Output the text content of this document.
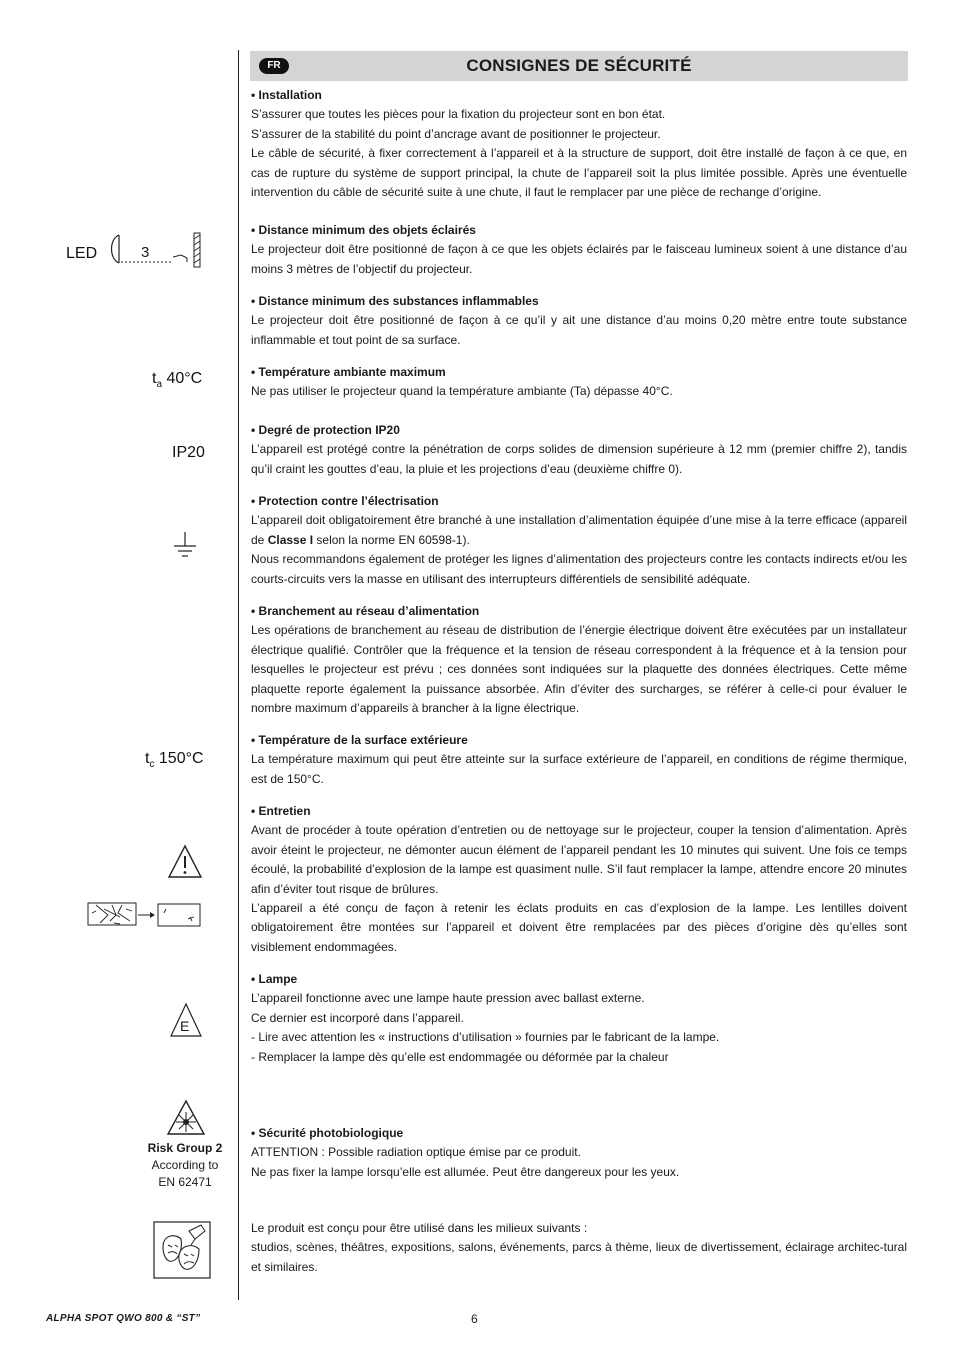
FR	CONSIGNES DE SÉCURITÉ
LED	3
$t_a$ 40°C
IP20
$t_c$ 150°C
E
Risk Group 2
According to
EN 62471
• Installation

S’assurer que toutes les pièces pour la fixation du projecteur sont en bon état.

S’assurer de la stabilité du point d’ancrage avant de positionner le projecteur.

Le câble de sécurité, à fixer correctement à l’appareil et à la structure de support, doit être installé de façon à ce que, en cas de rupture du système de support principal, la chute de l’appareil soit la plus limitée possible. Après une éventuelle intervention du câble de sécurité suite à une chute, il faut le remplacer par une pièce de rechange d’origine.

• Distance minimum des objets éclairés

Le projecteur doit être positionné de façon à ce que les objets éclairés par le faisceau lumineux soient à une distance d’au moins 3 mètres de l’objectif du projecteur.

• Distance minimum des substances inflammables

Le projecteur doit être positionné de façon à ce qu’il y ait une distance d’au moins 0,20 mètre entre toute substance inflammable et tout point de sa surface.

• Température ambiante maximum

Ne pas utiliser le projecteur quand la température ambiante (Ta) dépasse 40°C.

• Degré de protection IP20

L’appareil est protégé contre la pénétration de corps solides de dimension supérieure à 12 mm (premier chiffre 2), tandis qu’il craint les gouttes d’eau, la pluie et les projections d’eau (deuxième chiffre 0).

• Protection contre l’électrisation

L’appareil doit obligatoirement être branché à une installation d’alimentation équipée d’une mise à la terre efficace (appareil de Classe I selon la norme EN 60598-1).

Nous recommandons également de protéger les lignes d’alimentation des projecteurs contre les contacts indirects et/ou les courts-circuits vers la masse en utilisant des interrupteurs différentiels de sensibilité adéquate.

• Branchement au réseau d’alimentation

Les opérations de branchement au réseau de distribution de l’énergie électrique doivent être exécutées par un installateur électrique qualifié. Contrôler que la fréquence et la tension de réseau correspondent à la fréquence et à la tension pour lesquelles le projecteur est prévu ; ces données sont indiquées sur la plaquette des données électriques. Cette même plaquette reporte également la puissance absorbée. Afin d’éviter des surcharges, se référer à celle-ci pour évaluer le nombre maximum d’appareils à brancher à la ligne électrique.

• Température de la surface extérieure

La température maximum qui peut être atteinte sur la surface extérieure de l’appareil, en conditions de régime thermique, est de 150°C.

• Entretien

Avant de procéder à toute opération d’entretien ou de nettoyage sur le projecteur, couper la tension d’alimentation. Après avoir éteint le projecteur, ne démonter aucun élément de l’appareil pendant les 10 minutes qui suivent. Une fois ce temps écoulé, la probabilité d’explosion de la lampe est quasiment nulle. S’il faut remplacer la lampe, attendre encore 20 minutes afin d’éviter tout risque de brûlures.

L’appareil a été conçu de façon à retenir les éclats produits en cas d’explosion de la lampe. Les lentilles doivent obligatoirement être montées sur l’appareil et doivent être remplacées par des pièces d’origine dès qu’elles sont visiblement endommagées.

• Lampe

L’appareil fonctionne avec une lampe haute pression avec ballast externe.

Ce dernier est incorporé dans l’appareil.

- Lire avec attention les « instructions d’utilisation » fournies par le fabricant de la lampe.

- Remplacer la lampe dès qu’elle est endommagée ou déformée par la chaleur

• Sécurité photobiologique

ATTENTION : Possible radiation optique émise par ce produit.

Ne pas fixer la lampe lorsqu’elle est allumée. Peut être dangereux pour les yeux.

Le produit est conçu pour être utilisé dans les milieux suivants :

studios, scènes, théâtres, expositions, salons, événements, parcs à thème, lieux de divertissement, éclairage architec-tural et similaires.

ALPHA SPOT QWO 800 & “ST”	6
